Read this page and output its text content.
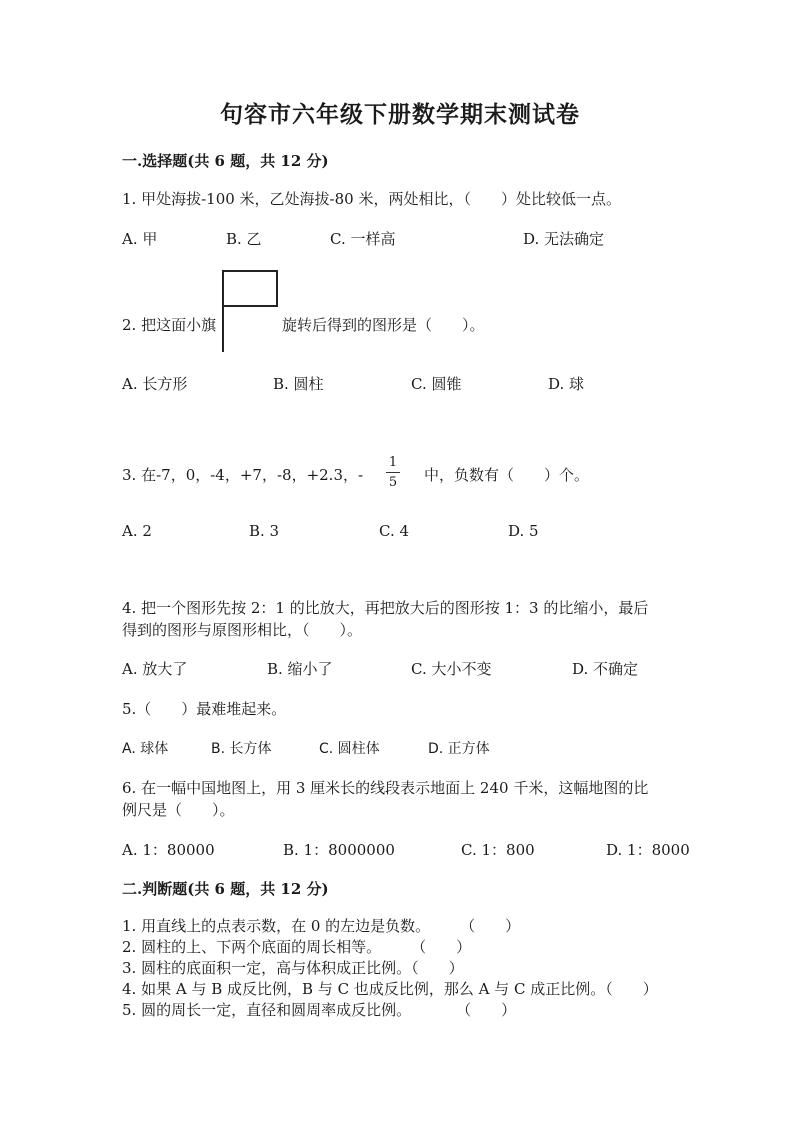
句容市六年级下册数学期末测试卷
一.选择题(共 6 题，共 12 分)
1. 甲处海拔-100 米，乙处海拔-80 米，两处相比，（　　）处比较低一点。
A. 甲	B. 乙	C. 一样高	D. 无法确定
2. 把这面小旗	旋转后得到的图形是（　　）。
A. 长方形	B. 圆柱	C. 圆锥	D. 球
3. 在-7，0，-4，+7，-8，+2.3，-
1
5 中，负数有（　　）个。
A. 2	B. 3	C. 4	D. 5
4. 把一个图形先按 2：1 的比放大，再把放大后的图形按 1：3 的比缩小，最后
得到的图形与原图形相比，（　　）。
A. 放大了	B. 缩小了	C. 大小不变	D. 不确定
5.（　　）最难堆起来。
A. 球体	B. 长方体	C. 圆柱体	D. 正方体
6. 在一幅中国地图上，用 3 厘米长的线段表示地面上 240 千米，这幅地图的比
例尺是（　　）。
A. 1：80000	B. 1：8000000	C. 1：800	D. 1：8000
二.判断题(共 6 题，共 12 分)
1. 用直线上的点表示数，在 0 的左边是负数。　　　（　　）
2. 圆柱的上、下两个底面的周长相等。　　　（　　）
3. 圆柱的底面积一定，高与体积成正比例。（　　）
4. 如果 A 与 B 成反比例，B 与 C 也成反比例，那么 A 与 C 成正比例。（　　）
5. 圆的周长一定，直径和圆周率成反比例。　　　　（　　）
